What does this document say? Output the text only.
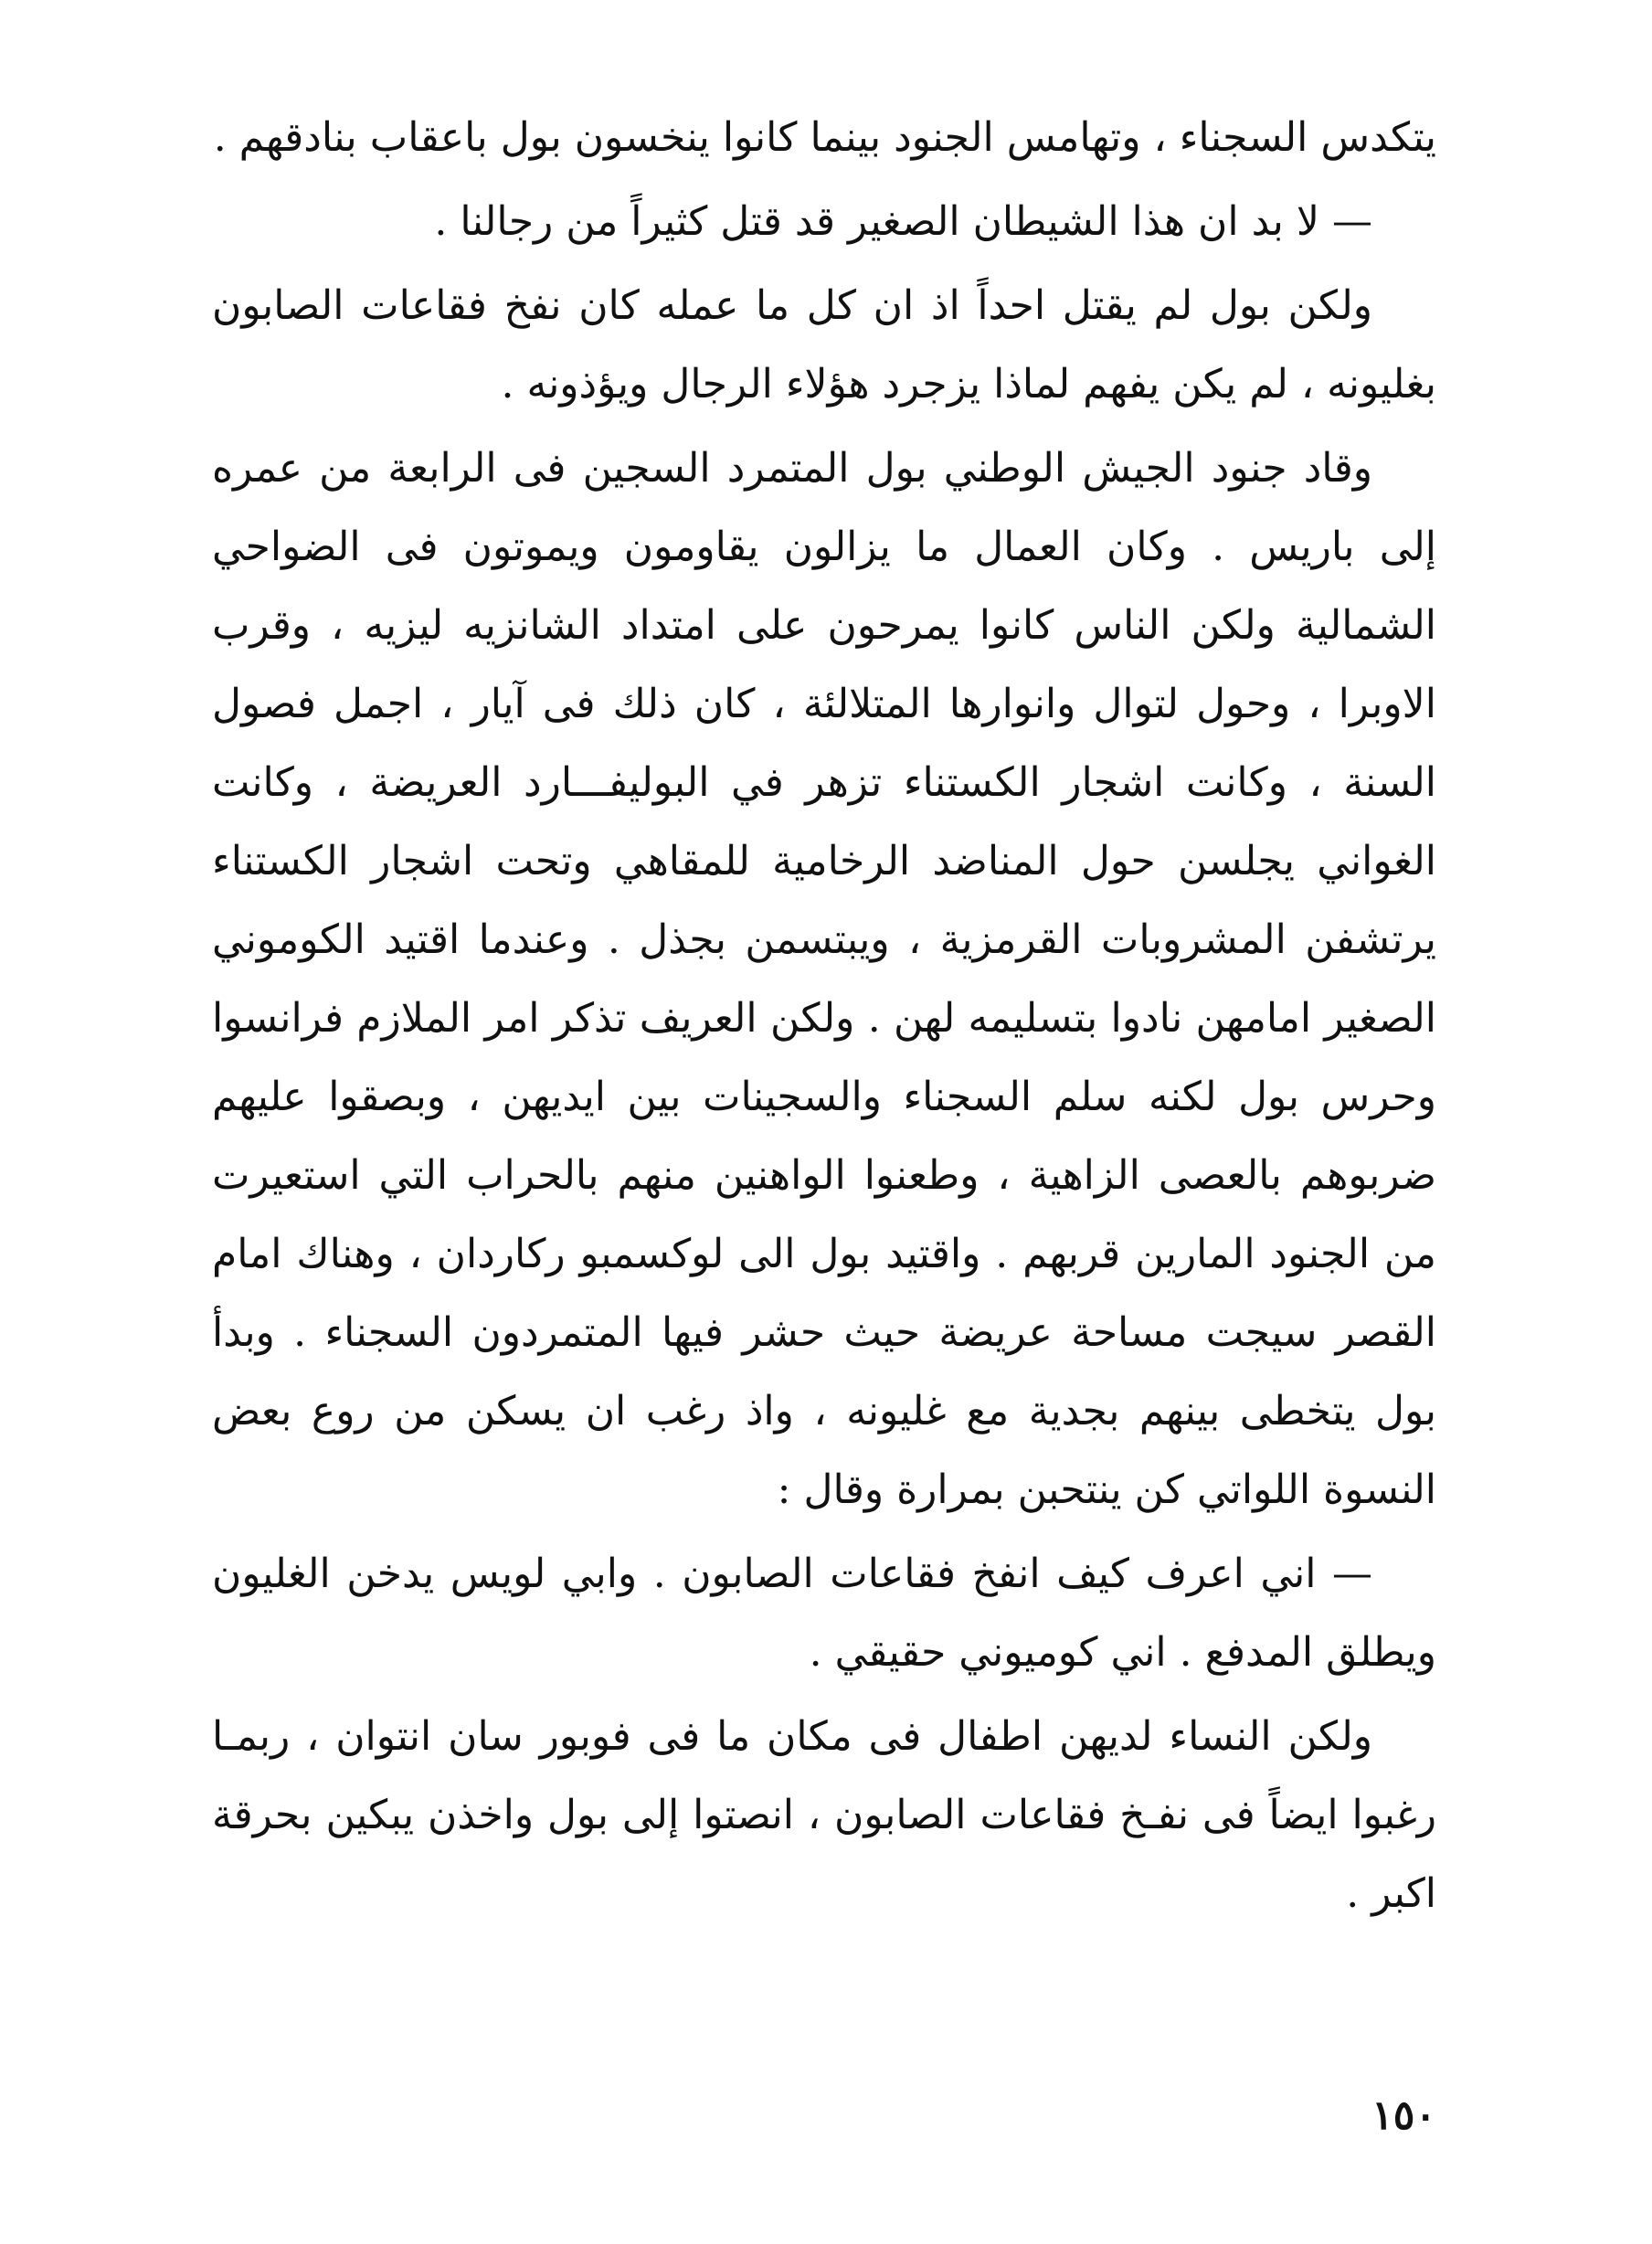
يتكدس السجناء ، وتهامس الجنود بينما كانوا ينخسون بول باعقاب بنادقهم .

— لا بد ان هذا الشيطان الصغير قد قتل كثيراً من رجالنا .

ولكن بول لم يقتل احداً اذ ان كل ما عمله كان نفخ فقاعات الصابون بغليونه ، لم يكن يفهم لماذا يزجرد هؤلاء الرجال ويؤذونه .

وقاد جنود الجيش الوطني بول المتمرد السجين فى الرابعة من عمره إلى باريس . وكان العمال ما يزالون يقاومون ويموتون فى الضواحي الشمالية ولكن الناس كانوا يمرحون على امتداد الشانزيه ليزيه ، وقرب الاوبرا ، وحول لتوال وانوارها المتلالئة ، كان ذلك فى آيار ، اجمل فصول السنة ، وكانت اشجار الكستناء تزهر في البوليفـــارد العريضة ، وكانت الغواني يجلسن حول المناضد الرخامية للمقاهي وتحت اشجار الكستناء يرتشفن المشروبات القرمزية ، ويبتسمن بجذل . وعندما اقتيد الكوموني الصغير امامهن نادوا بتسليمه لهن . ولكن العريف تذكر امر الملازم فرانسوا وحرس بول لكنه سلم السجناء والسجينات بين ايديهن ، وبصقوا عليهم ضربوهم بالعصى الزاهية ، وطعنوا الواهنين منهم بالحراب التي استعيرت من الجنود المارين قربهم . واقتيد بول الى لوكسمبو ركاردان ، وهناك امام القصر سيجت مساحة عريضة حيث حشر فيها المتمردون السجناء . وبدأ بول يتخطى بينهم بجدية مع غليونه ، واذ رغب ان يسكن من روع بعض النسوة اللواتي كن ينتحبن بمرارة وقال :

— اني اعرف كيف انفخ فقاعات الصابون . وابي لويس يدخن الغليون ويطلق المدفع . اني كوميوني حقيقي .

ولكن النساء لديهن اطفال فى مكان ما فى فوبور سان انتوان ، ربمـا رغبوا ايضاً فى نفـخ فقاعات الصابون ، انصتوا إلى بول واخذن يبكين بحرقة اكبر .

١٥٠
